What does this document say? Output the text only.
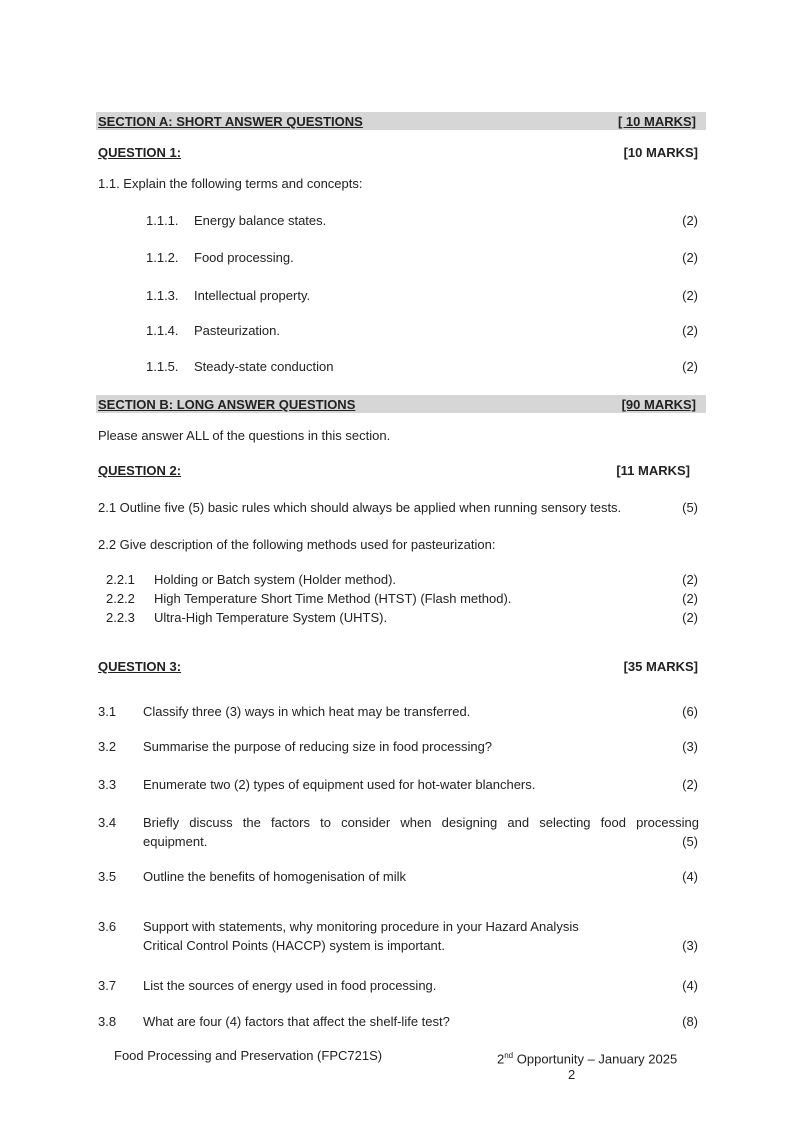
SECTION A: SHORT ANSWER QUESTIONS	[ 10 MARKS]
QUESTION 1:	[10 MARKS]
1.1. Explain the following terms and concepts:
1.1.1. Energy balance states.	(2)
1.1.2. Food processing.	(2)
1.1.3. Intellectual property.	(2)
1.1.4. Pasteurization.	(2)
1.1.5. Steady-state conduction	(2)
SECTION B: LONG ANSWER QUESTIONS	[90 MARKS]
Please answer ALL of the questions in this section.
QUESTION 2:	[11 MARKS]
2.1 Outline five (5) basic rules which should always be applied when running sensory tests.	(5)
2.2 Give description of the following methods used for pasteurization:
2.2.1 Holding or Batch system (Holder method).	(2)
2.2.2 High Temperature Short Time Method (HTST) (Flash method).	(2)
2.2.3 Ultra-High Temperature System (UHTS).	(2)
QUESTION 3:	[35 MARKS]
3.1 Classify three (3) ways in which heat may be transferred.	(6)
3.2 Summarise the purpose of reducing size in food processing?	(3)
3.3 Enumerate two (2) types of equipment used for hot-water blanchers.	(2)
3.4 Briefly discuss the factors to consider when designing and selecting food processing
equipment.	(5)
3.5 Outline the benefits of homogenisation of milk	(4)
3.6 Support with statements, why monitoring procedure in your Hazard Analysis
Critical Control Points (HACCP) system is important.	(3)
3.7 List the sources of energy used in food processing.	(4)
3.8 What are four (4) factors that affect the shelf-life test?	(8)
Food Processing and Preservation (FPC721S)	2nd Opportunity – January 2025
2
